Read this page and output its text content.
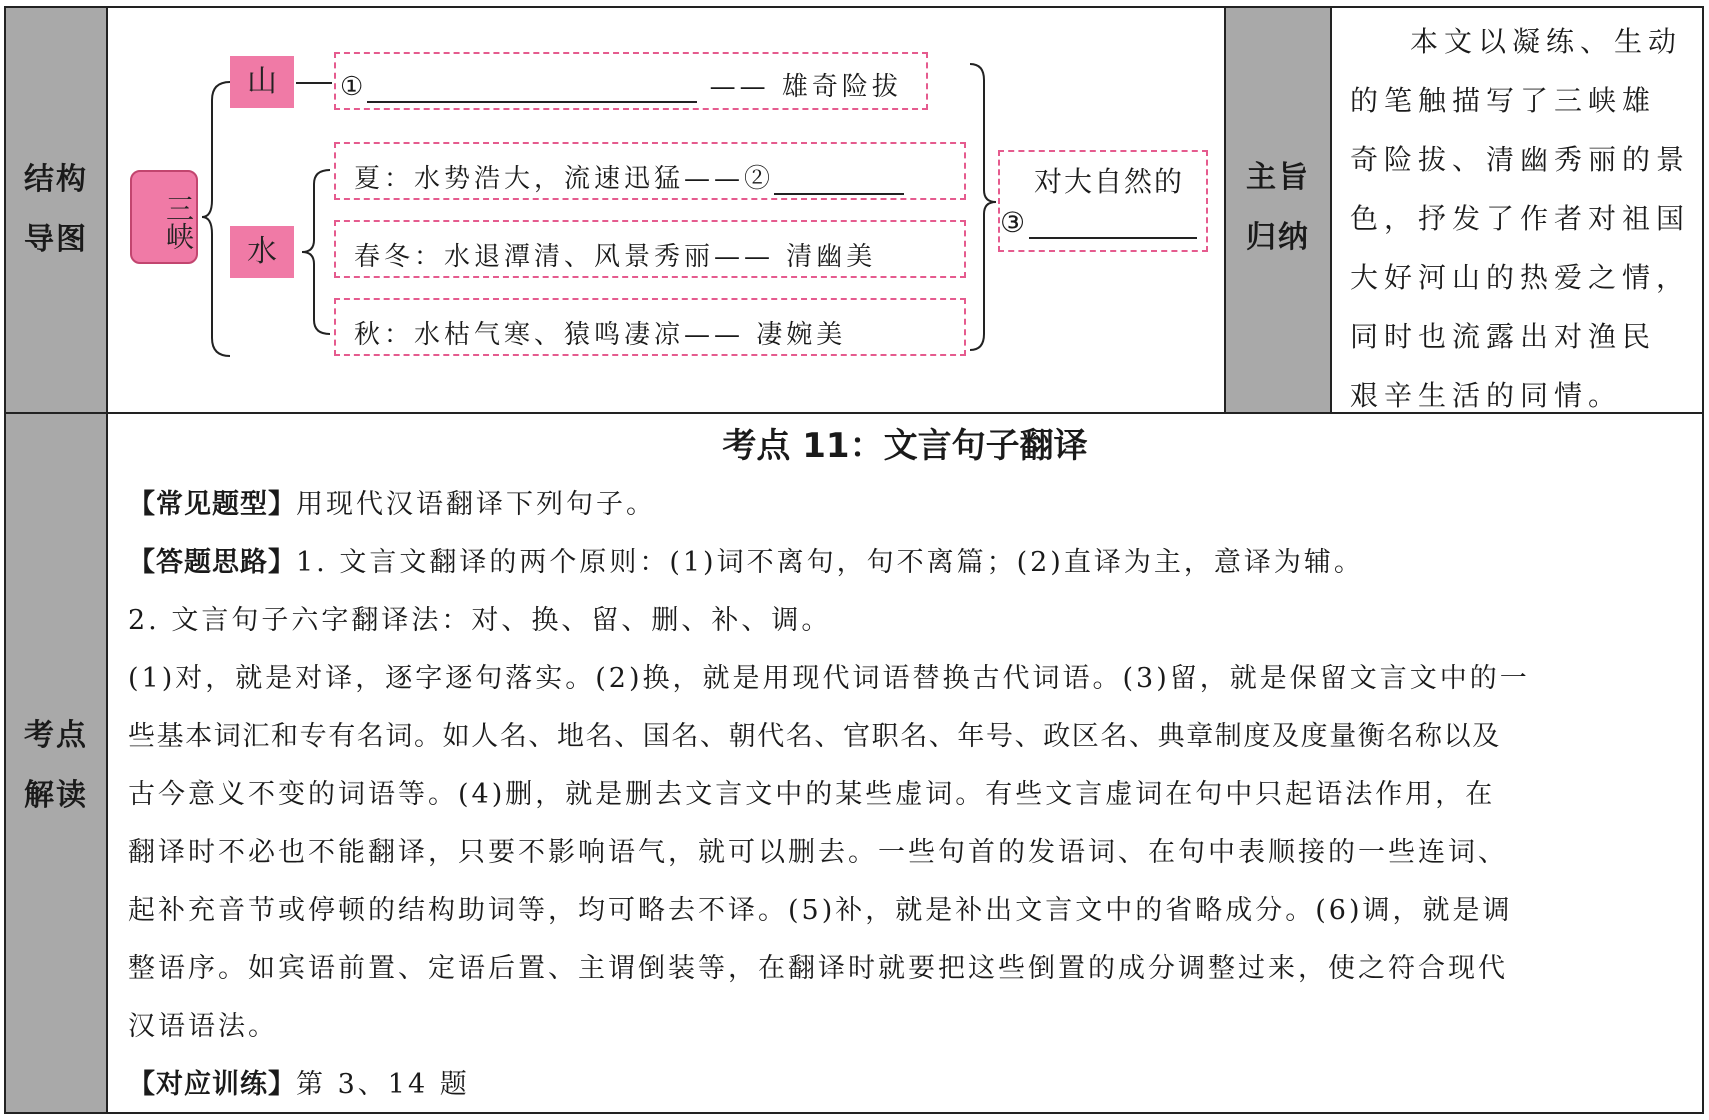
结构
导图
主旨
归纳
考点
解读
三峡
山
水
①	—— 雄奇险拔
夏：水势浩大，流速迅猛——②
春冬：水退潭清、风景秀丽—— 清幽美
秋：水枯气寒、猿鸣凄凉—— 凄婉美
对大自然的
③

本文以凝练、生动

的笔触描写了三峡雄

奇险拔、清幽秀丽的景

色，抒发了作者对祖国

大好河山的热爱之情，

同时也流露出对渔民

艰辛生活的同情。

考点 11：文言句子翻译

【常见题型】用现代汉语翻译下列句子。

【答题思路】1. 文言文翻译的两个原则：(1)词不离句，句不离篇；(2)直译为主，意译为辅。

2. 文言句子六字翻译法：对、换、留、删、补、调。

(1)对，就是对译，逐字逐句落实。(2)换，就是用现代词语替换古代词语。(3)留，就是保留文言文中的一

些基本词汇和专有名词。如人名、地名、国名、朝代名、官职名、年号、政区名、典章制度及度量衡名称以及

古今意义不变的词语等。(4)删，就是删去文言文中的某些虚词。有些文言虚词在句中只起语法作用，在

翻译时不必也不能翻译，只要不影响语气，就可以删去。一些句首的发语词、在句中表顺接的一些连词、

起补充音节或停顿的结构助词等，均可略去不译。(5)补，就是补出文言文中的省略成分。(6)调，就是调

整语序。如宾语前置、定语后置、主谓倒装等，在翻译时就要把这些倒置的成分调整过来，使之符合现代

汉语语法。

【对应训练】第 3、14 题
